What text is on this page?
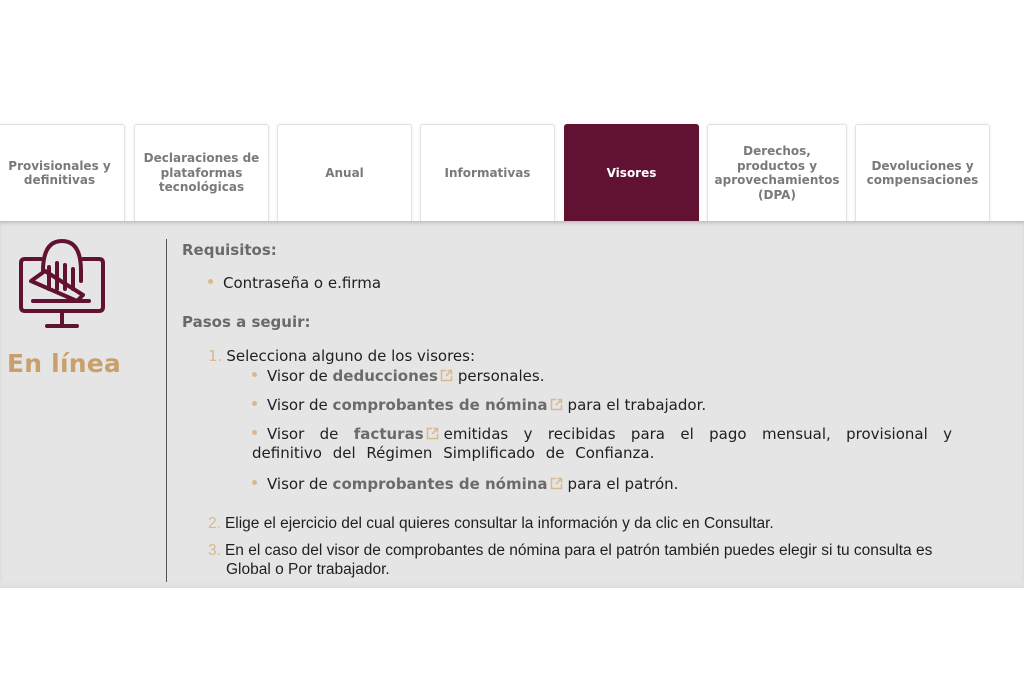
Provisionales y definitivas
Declaraciones de plataformas tecnológicas
Anual	Informativas	Visores
Derechos, productos y aprovechamientos (DPA)
Devoluciones y compensaciones
En línea
Requisitos:
Contraseña o e.firma
Pasos a seguir:
1. Selecciona alguno de los visores:
Visor de deducciones personales.
Visor de comprobantes de nómina para el trabajador.
Visor de facturas emitidas y recibidas para el pago mensual, provisional y definitivo del Régimen Simplificado de Confianza.
Visor de comprobantes de nómina para el patrón.
2. Elige el ejercicio del cual quieres consultar la información y da clic en Consultar.
3. En el caso del visor de comprobantes de nómina para el patrón también puedes elegir si tu consulta es Global o Por trabajador.
